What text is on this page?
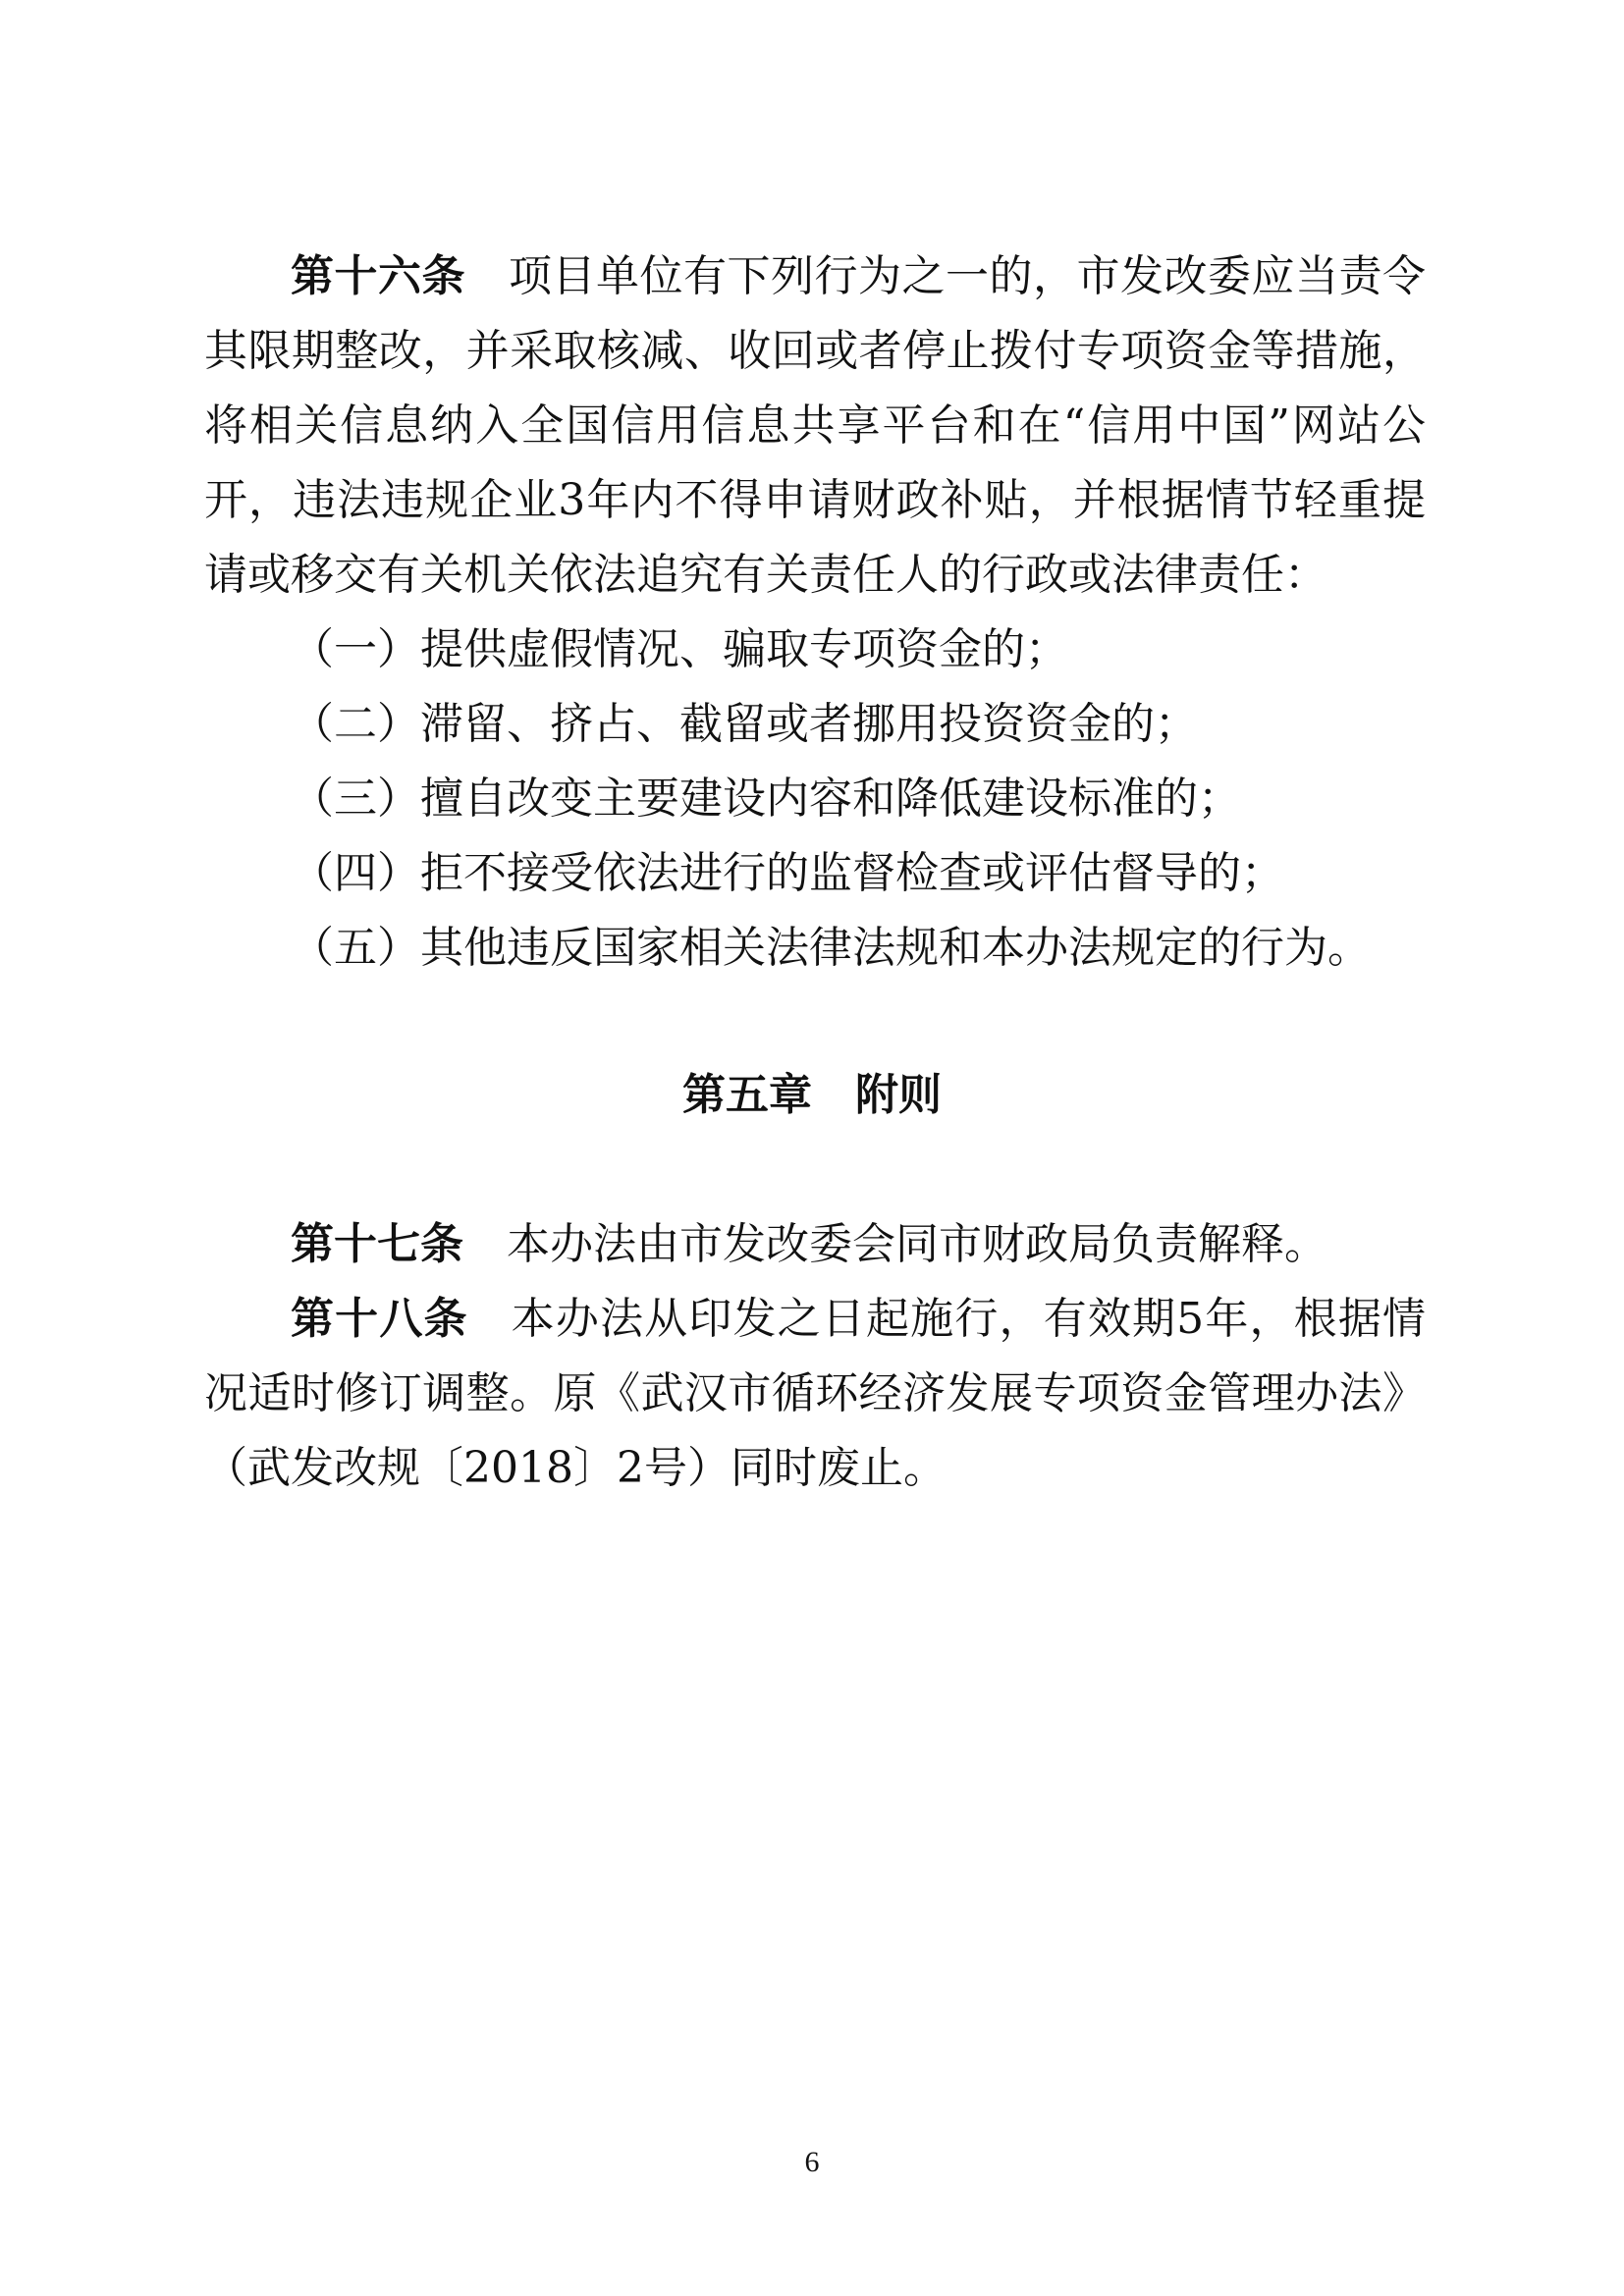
第十六条 项目单位有下列行为之一的，市发改委应当责令其限期整改，并采取核减、收回或者停止拨付专项资金等措施，将相关信息纳入全国信用信息共享平台和在“信用中国”网站公开，违法违规企业3年内不得申请财政补贴，并根据情节轻重提请或移交有关机关依法追究有关责任人的行政或法律责任：

（一）提供虚假情况、骗取专项资金的；
（二）滞留、挤占、截留或者挪用投资资金的；
（三）擅自改变主要建设内容和降低建设标准的；
（四）拒不接受依法进行的监督检查或评估督导的；
（五）其他违反国家相关法律法规和本办法规定的行为。
第五章　附则

第十七条 本办法由市发改委会同市财政局负责解释。

第十八条 本办法从印发之日起施行，有效期5年，根据情况适时修订调整。原《武汉市循环经济发展专项资金管理办法》（武发改规〔2018〕2号）同时废止。

6
